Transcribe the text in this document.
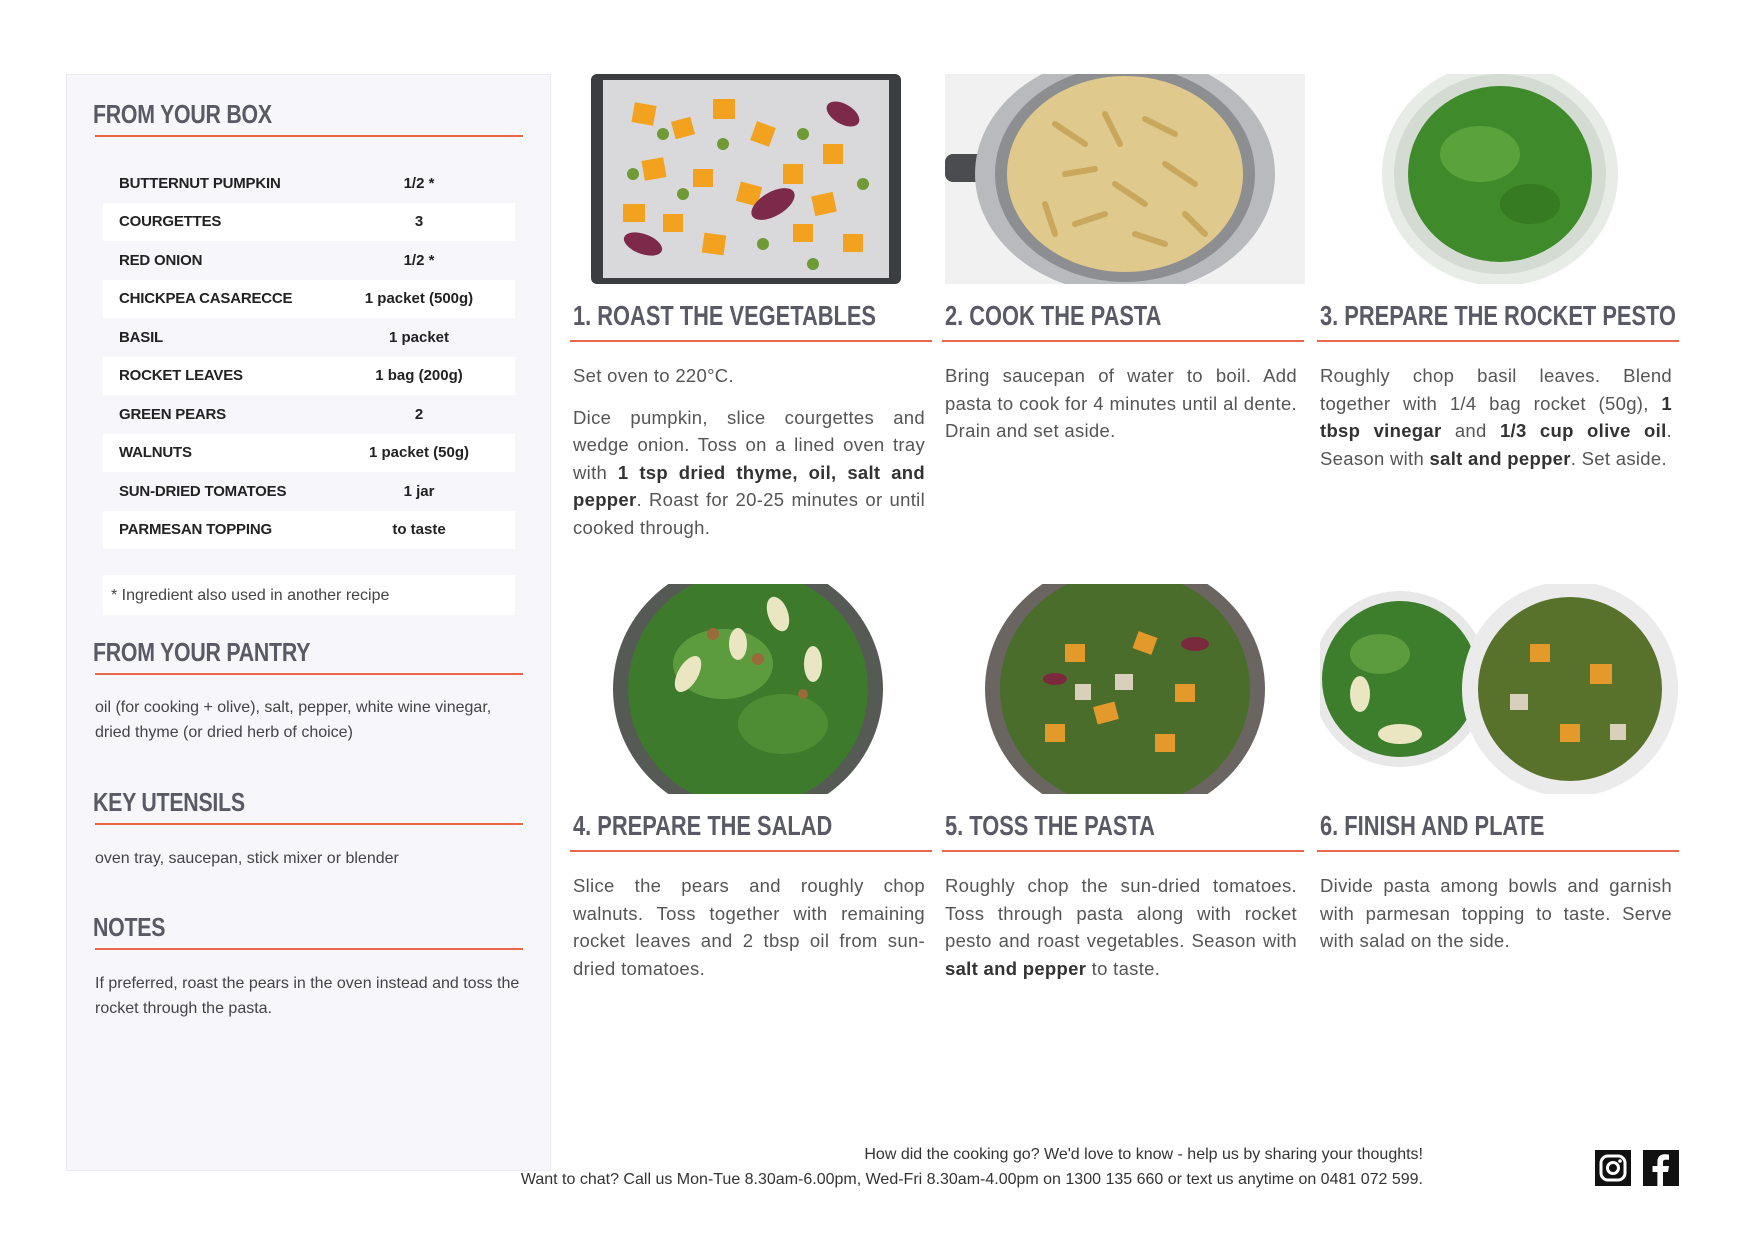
FROM YOUR BOX
BUTTERNUT PUMPKIN	1/2 *
COURGETTES	3
RED ONION	1/2 *
CHICKPEA CASARECCE	1 packet (500g)
BASIL	1 packet
ROCKET LEAVES	1 bag (200g)
GREEN PEARS	2
WALNUTS	1 packet (50g)
SUN-DRIED TOMATOES	1 jar
PARMESAN TOPPING	to taste
* Ingredient also used in another recipe
FROM YOUR PANTRY
oil (for cooking + olive), salt, pepper, white wine vinegar, dried thyme (or dried herb of choice)
KEY UTENSILS
oven tray, saucepan, stick mixer or blender
NOTES
If preferred, roast the pears in the oven instead and toss the rocket through the pasta.
1. ROAST THE VEGETABLES

Set oven to 220°C.

Dice pumpkin, slice courgettes and wedge onion. Toss on a lined oven tray with 1 tsp dried thyme, oil, salt and pepper. Roast for 20-25 minutes or until cooked through.

2. COOK THE PASTA

Bring saucepan of water to boil. Add pasta to cook for 4 minutes until al dente. Drain and set aside.

3. PREPARE THE ROCKET PESTO

Roughly chop basil leaves. Blend together with 1/4 bag rocket (50g), 1 tbsp vinegar and 1/3 cup olive oil. Season with salt and pepper. Set aside.

4. PREPARE THE SALAD

Slice the pears and roughly chop walnuts. Toss together with remaining rocket leaves and 2 tbsp oil from sun-dried tomatoes.

5. TOSS THE PASTA

Roughly chop the sun-dried tomatoes. Toss through pasta along with rocket pesto and roast vegetables. Season with salt and pepper to taste.

6. FINISH AND PLATE

Divide pasta among bowls and garnish with parmesan topping to taste. Serve with salad on the side.

How did the cooking go? We'd love to know - help us by sharing your thoughts!
Want to chat? Call us Mon-Tue 8.30am-6.00pm, Wed-Fri 8.30am-4.00pm on 1300 135 660 or text us anytime on 0481 072 599.
